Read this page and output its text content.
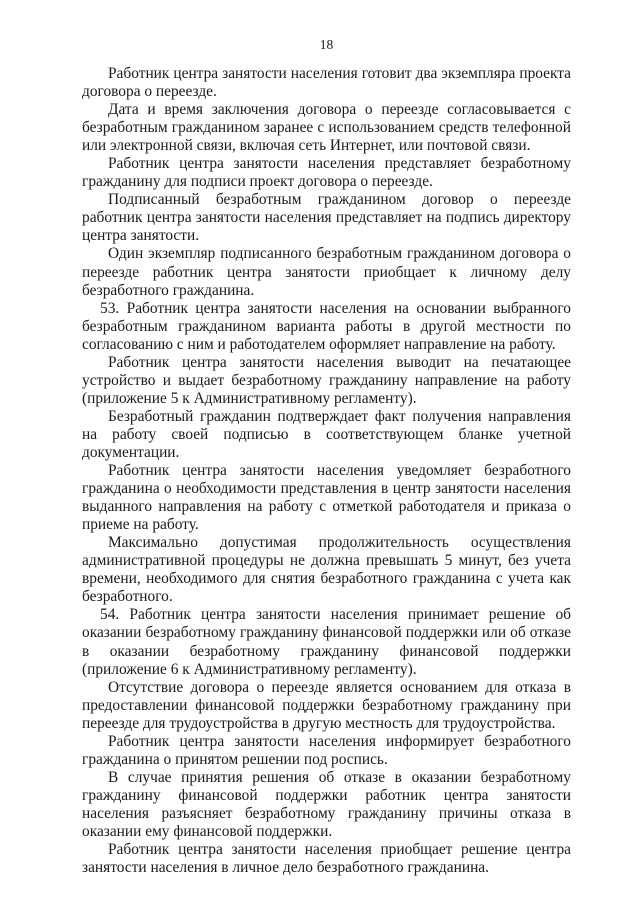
18

Работник центра занятости населения готовит два экземпляра проекта договора о переезде.

Дата и время заключения договора о переезде согласовывается с безработным гражданином заранее с использованием средств телефонной или электронной связи, включая сеть Интернет, или почтовой связи.

Работник центра занятости населения представляет безработному гражданину для подписи проект договора о переезде.

Подписанный безработным гражданином договор о переезде работник центра занятости населения представляет на подпись директору центра занятости.

Один экземпляр подписанного безработным гражданином договора о переезде работник центра занятости приобщает к личному делу безработного гражданина.

53. Работник центра занятости населения на основании выбранного безработным гражданином варианта работы в другой местности по согласованию с ним и работодателем оформляет направление на работу.

Работник центра занятости населения выводит на печатающее устройство и выдает безработному гражданину направление на работу (приложение 5 к Административному регламенту).

Безработный гражданин подтверждает факт получения направления на работу своей подписью в соответствующем бланке учетной документации.

Работник центра занятости населения уведомляет безработного гражданина о необходимости представления в центр занятости населения выданного направления на работу с отметкой работодателя и приказа о приеме на работу.

Максимально допустимая продолжительность осуществления административной процедуры не должна превышать 5 минут, без учета времени, необходимого для снятия безработного гражданина с учета как безработного.

54. Работник центра занятости населения принимает решение об оказании безработному гражданину финансовой поддержки или об отказе в оказании безработному гражданину финансовой поддержки (приложение 6 к Административному регламенту).

Отсутствие договора о переезде является основанием для отказа в предоставлении финансовой поддержки безработному гражданину при переезде для трудоустройства в другую местность для трудоустройства.

Работник центра занятости населения информирует безработного гражданина о принятом решении под роспись.

В случае принятия решения об отказе в оказании безработному гражданину финансовой поддержки работник центра занятости населения разъясняет безработному гражданину причины отказа в оказании ему финансовой поддержки.

Работник центра занятости населения приобщает решение центра занятости населения в личное дело безработного гражданина.
